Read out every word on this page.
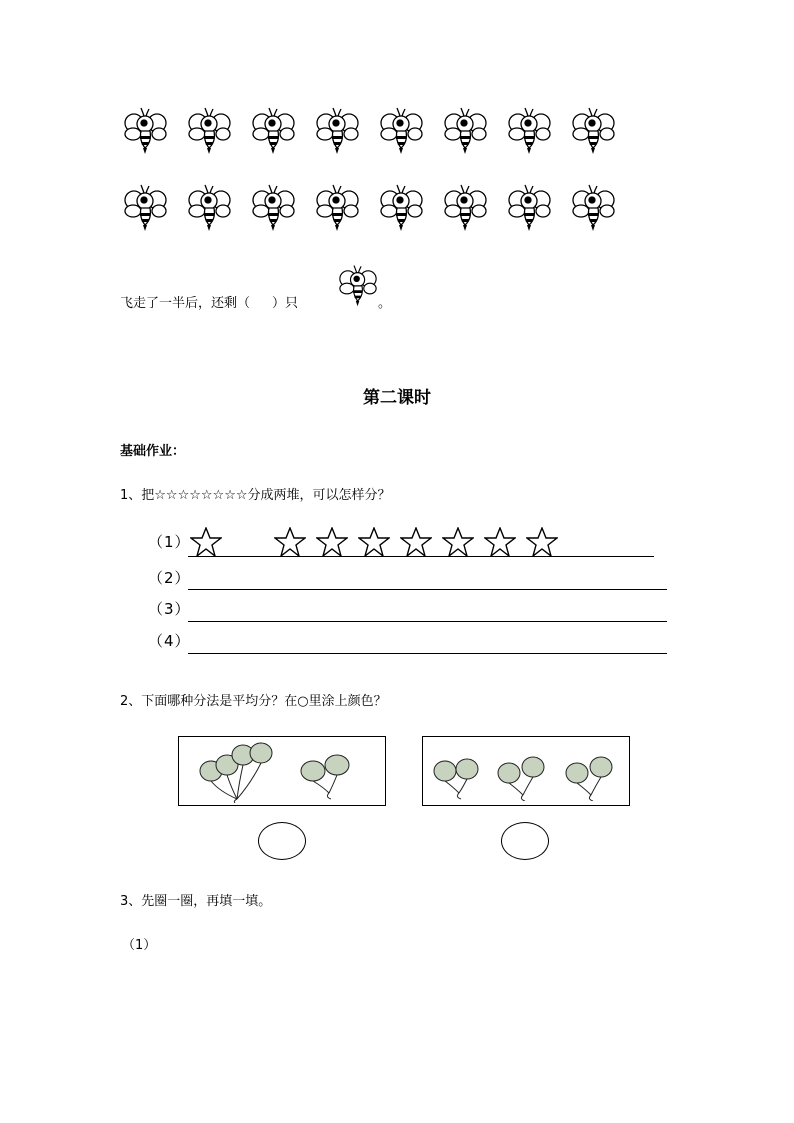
飞走了一半后，还剩（ ）只	。
第二课时
基础作业：
1、把☆☆☆☆☆☆☆☆分成两堆，可以怎样分？
（1）
（2）
（3）
（4）
2、下面哪种分法是平均分？在○里涂上颜色？
3、先圈一圈，再填一填。
（1）
